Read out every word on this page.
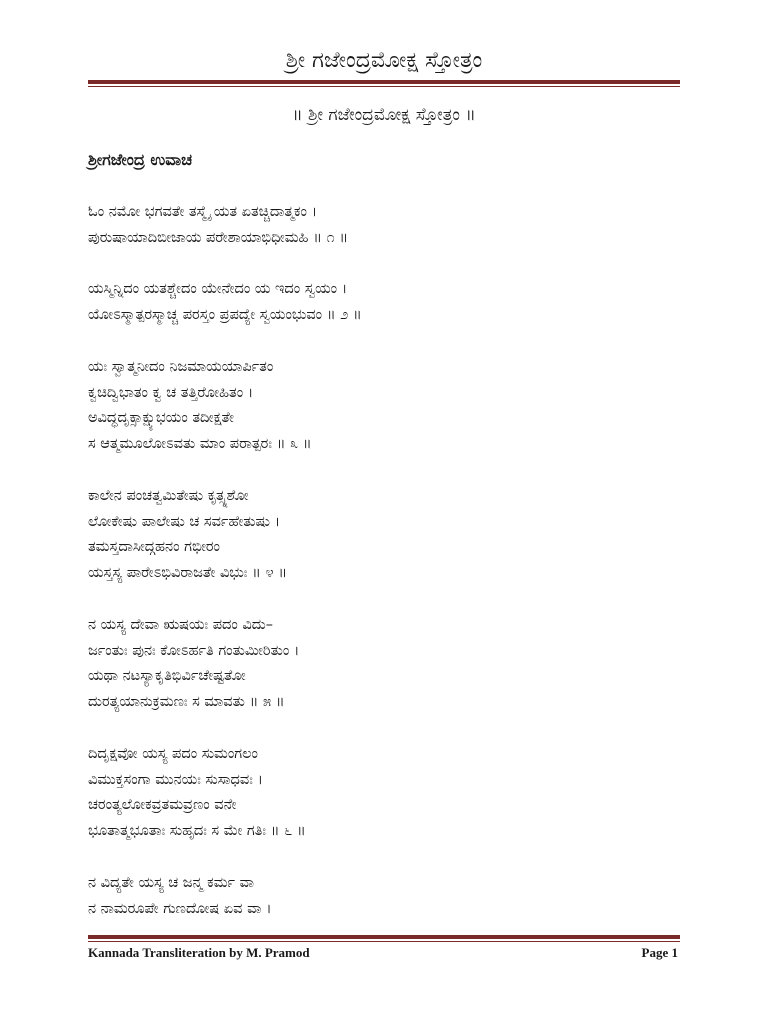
ಶ್ರೀ ಗಜೇಂದ್ರಮೋಕ್ಷ ಸ್ತೋತ್ರಂ
॥ ಶ್ರೀ ಗಜೇಂದ್ರಮೋಕ್ಷ ಸ್ತೋತ್ರಂ ॥
ಶ್ರೀಗಜೇಂದ್ರ ಉವಾಚ
ಓಂ ನಮೋ ಭಗವತೇ ತಸ್ಮೈ ಯತ ಏತಚ್ಚಿದಾತ್ಮಕಂ ।
ಪುರುಷಾಯಾದಿಬೀಜಾಯ ಪರೇಶಾಯಾಭಿಧೀಮಹಿ ॥ ೧ ॥
ಯಸ್ಮಿನ್ನಿದಂ ಯತಶ್ಚೇದಂ ಯೇನೇದಂ ಯ ಇದಂ ಸ್ವಯಂ ।
ಯೋಽಸ್ಮಾತ್ಪರಸ್ಮಾಚ್ಚ ಪರಸ್ತಂ ಪ್ರಪದ್ಯೇ ಸ್ವಯಂಭುವಂ ॥ ೨ ॥
ಯಃ ಸ್ವಾತ್ಮನೀದಂ ನಿಜಮಾಯಯಾರ್ಪಿತಂ
ಕ್ವಚಿದ್ವಿಭಾತಂ ಕ್ವ ಚ ತತ್ತಿರೋಹಿತಂ ।
ಅವಿದ್ಧದೃಕ್ಸಾಕ್ಷ್ಯುಭಯಂ ತದೀಕ್ಷತೇ
ಸ ಆತ್ಮಮೂಲೋಽವತು ಮಾಂ ಪರಾತ್ಪರಃ ॥ ೩ ॥
ಕಾಲೇನ ಪಂಚತ್ವಮಿತೇಷು ಕೃತ್ಸ್ನಶೋ
ಲೋಕೇಷು ಪಾಲೇಷು ಚ ಸರ್ವಹೇತುಷು ।
ತಮಸ್ತದಾಸೀದ್ಗಹನಂ ಗಭೀರಂ
ಯಸ್ತಸ್ಯ ಪಾರೇಽಭಿವಿರಾಜತೇ ವಿಭುಃ ॥ ೪ ॥
ನ ಯಸ್ಯ ದೇವಾ ಋಷಯಃ ಪದಂ ವಿದು–
ರ್ಜಂತುಃ ಪುನಃ ಕೋಽರ್ಹತಿ ಗಂತುಮೀರಿತುಂ ।
ಯಥಾ ನಟಸ್ಯಾಕೃತಿಭಿರ್ವಿಚೇಷ್ಟತೋ
ದುರತ್ಯಯಾನುಕ್ರಮಣಃ ಸ ಮಾವತು ॥ ೫ ॥
ದಿದೃಕ್ಷವೋ ಯಸ್ಯ ಪದಂ ಸುಮಂಗಲಂ
ವಿಮುಕ್ತಸಂಗಾ ಮುನಯಃ ಸುಸಾಧವಃ ।
ಚರಂತ್ಯಲೋಕವ್ರತಮವ್ರಣಂ ವನೇ
ಭೂತಾತ್ಮಭೂತಾಃ ಸುಹೃದಃ ಸ ಮೇ ಗತಿಃ ॥ ೬ ॥
ನ ವಿದ್ಯತೇ ಯಸ್ಯ ಚ ಜನ್ಮ ಕರ್ಮ ವಾ
ನ ನಾಮರೂಪೇ ಗುಣದೋಷ ಏವ ವಾ ।
Kannada Transliteration by M. Pramod	Page 1
